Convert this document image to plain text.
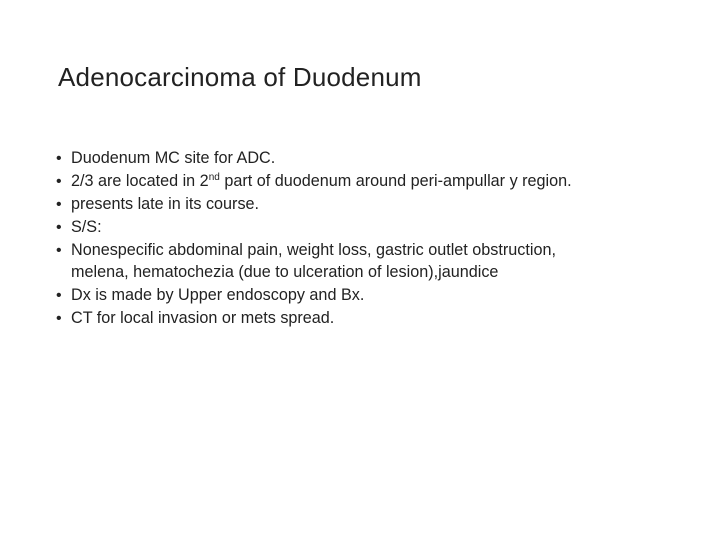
Adenocarcinoma of Duodenum
• Duodenum MC site for ADC.
• 2/3 are located in 2nd part of duodenum around peri-ampullar y region.
• presents late in its course.
• S/S:
• Nonespecific abdominal pain, weight loss, gastric outlet obstruction,
melena, hematochezia (due to ulceration of lesion),jaundice
• Dx is made by Upper endoscopy and Bx.
• CT for local invasion or mets spread.
